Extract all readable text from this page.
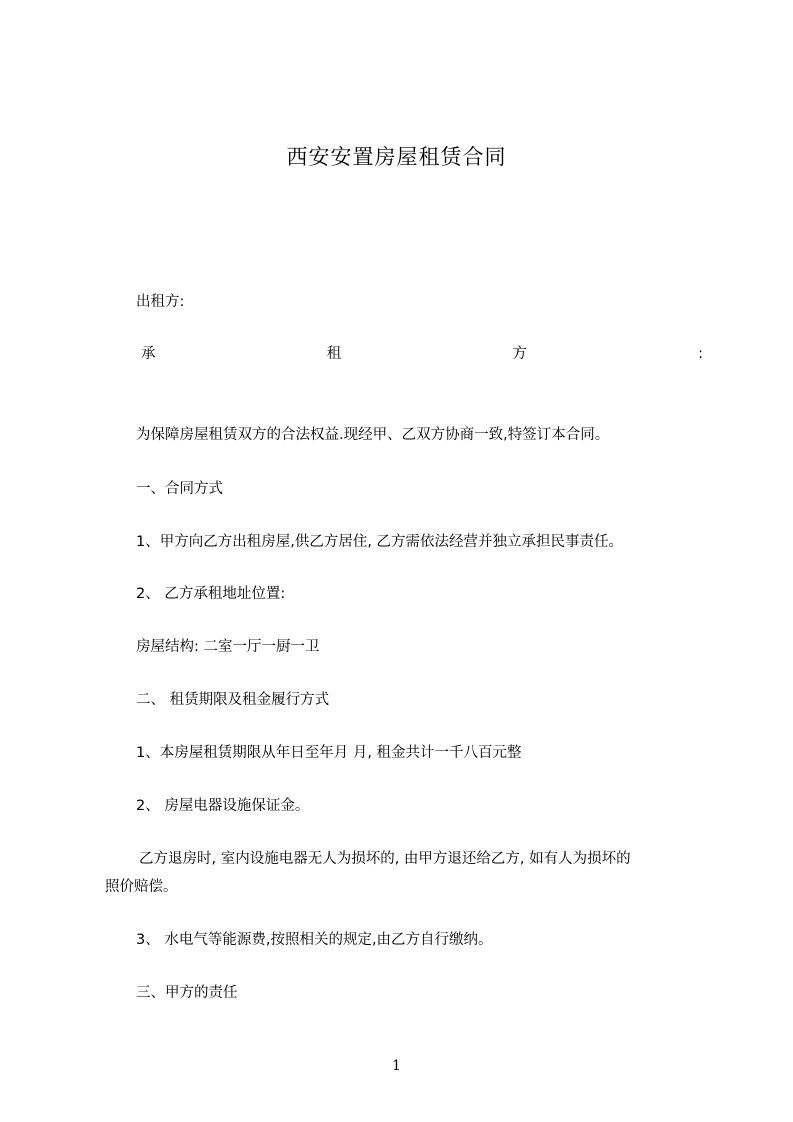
西安安置房屋租赁合同
出租方:
承	租	方	:
为保障房屋租赁双方的合法权益.现经甲、乙双方协商一致,特签订本合同。
一、合同方式
1、甲方向乙方出租房屋,供乙方居住, 乙方需依法经营并独立承担民事责任。
2、 乙方承租地址位置:
房屋结构: 二室一厅一厨一卫
二、 租赁期限及租金履行方式
1、本房屋租赁期限从年日至年月 月, 租金共计一千八百元整
2、 房屋电器设施保证金。
乙方退房时, 室内设施电器无人为损坏的, 由甲方退还给乙方, 如有人为损坏的
照价赔偿。
3、 水电气等能源费,按照相关的规定,由乙方自行缴纳。
三、甲方的责任
1
